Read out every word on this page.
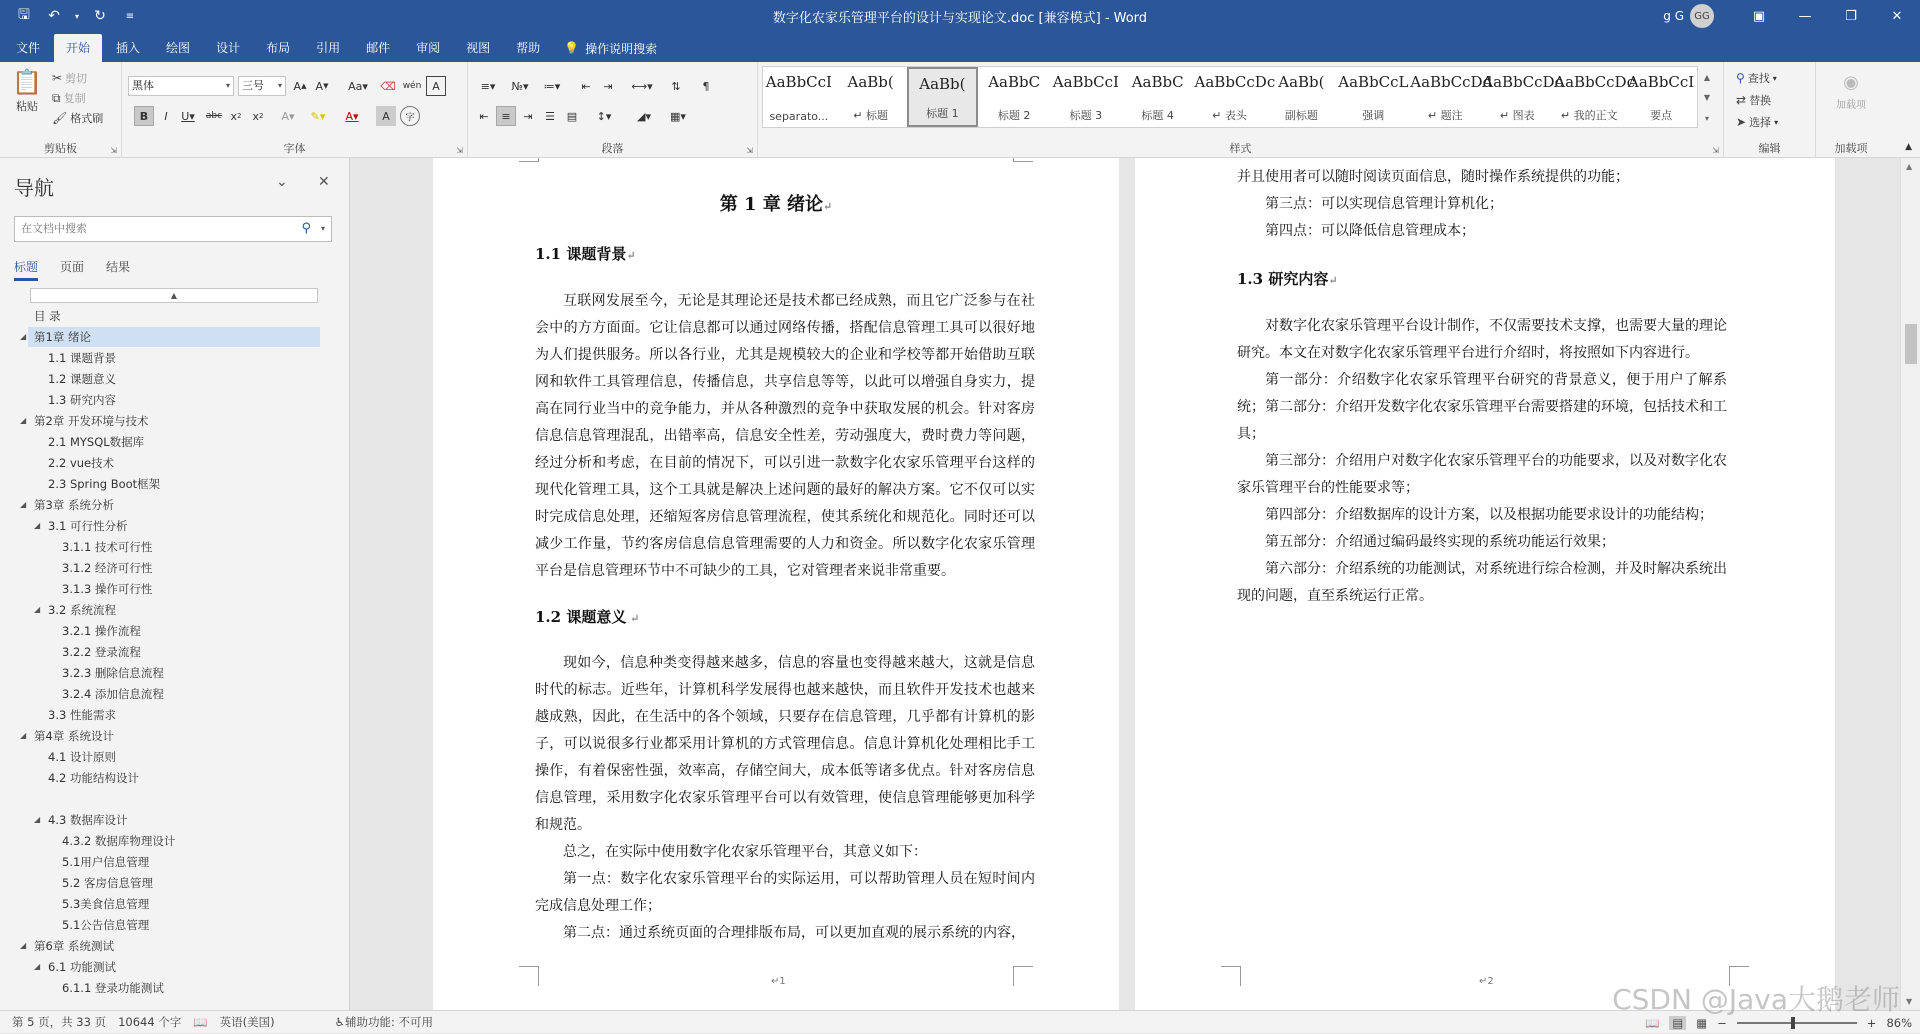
🖫	↶	▾	↻	≡	数字化农家乐管理平台的设计与实现论文.doc [兼容模式] - Word	g G	GG	▣	—	❐	✕
文件	开始	插入	绘图	设计	布局	引用	邮件	审阅	视图	帮助	💡 操作说明搜索
📋
粘贴
✂ 剪切
⧉ 复制
🖌 格式刷
剪贴板	⇲
黑体	▾	三号 ▾	A ▲ A ▼	Aa▾	⌫ wén A
B	I	U▾	abc x 2	x 2	A▾	✎▾	A▾	A	字
字体	⇲
≡▾	№▾	≔▾	⇤	⇥	⟷▾	⇅	¶
⇤	≡	⇥	☰	▤	↕▾	◢▾	▦▾
段落	⇲
AaBbCcI
separato...
AaBb(
↵ 标题
AaBb(
标题 1
AaBbC
标题 2
AaBbCcI
标题 3
AaBbC
标题 4
AaBbCcDc
↵ 表头
AaBb(
副标题
AaBbCcL
强调
AaBbCcDd
↵ 题注
AaBbCcDc
↵ 图表
AaBbCcDc
↵ 我的正文
AaBbCcI
要点
▲
▼
▾
样式	⇲
⚲ 查找 ▾
⇄ 替换
➤ 选择 ▾
编辑
◉
加载项
加载项	▲
导航	⌄ ✕
在文档中搜索	⚲ ▾
标题 页面 结果
▲
目 录
第1章 绪论
◢
1.1 课题背景
1.2 课题意义
1.3 研究内容
第2章 开发环境与技术
◢
2.1 MYSQL数据库
2.2 vue技术
2.3 Spring Boot框架
第3章 系统分析
◢
3.1 可行性分析
◢
3.1.1 技术可行性
3.1.2 经济可行性
3.1.3 操作可行性
3.2 系统流程
◢
3.2.1 操作流程
3.2.2 登录流程
3.2.3 删除信息流程
3.2.4 添加信息流程
3.3 性能需求
第4章 系统设计
◢
4.1 设计原则
4.2 功能结构设计
4.3 数据库设计
◢
4.3.2 数据库物理设计
5.1用户信息管理
5.2 客房信息管理
5.3美食信息管理
5.1公告信息管理
第6章 系统测试
◢
6.1 功能测试
◢
6.1.1 登录功能测试
第 1 章 绪论↵
1.1 课题背景↵
互联网发展至今，无论是其理论还是技术都已经成熟，而且它广泛参与在社会中的方方面面。它让信息都可以通过网络传播，搭配信息管理工具可以很好地为人们提供服务。所以各行业，尤其是规模较大的企业和学校等都开始借助互联网和软件工具管理信息，传播信息，共享信息等等，以此可以增强自身实力，提高在同行业当中的竞争能力，并从各种激烈的竞争中获取发展的机会。针对客房信息信息管理混乱，出错率高，信息安全性差，劳动强度大，费时费力等问题，经过分析和考虑，在目前的情况下，可以引进一款数字化农家乐管理平台这样的现代化管理工具，这个工具就是解决上述问题的最好的解决方案。它不仅可以实时完成信息处理，还缩短客房信息管理流程，使其系统化和规范化。同时还可以减少工作量，节约客房信息信息管理需要的人力和资金。所以数字化农家乐管理平台是信息管理环节中不可缺少的工具，它对管理者来说非常重要。
1.2 课题意义 ↵
现如今，信息种类变得越来越多，信息的容量也变得越来越大，这就是信息时代的标志。近些年，计算机科学发展得也越来越快，而且软件开发技术也越来越成熟，因此，在生活中的各个领域，只要存在信息管理，几乎都有计算机的影子，可以说很多行业都采用计算机的方式管理信息。信息计算机化处理相比手工操作，有着保密性强，效率高，存储空间大，成本低等诸多优点。针对客房信息信息管理，采用数字化农家乐管理平台可以有效管理，使信息管理能够更加科学和规范。
总之，在实际中使用数字化农家乐管理平台，其意义如下：
第一点：数字化农家乐管理平台的实际运用，可以帮助管理人员在短时间内完成信息处理工作；
第二点：通过系统页面的合理排版布局，可以更加直观的展示系统的内容，
↵1
并且使用者可以随时阅读页面信息，随时操作系统提供的功能；
第三点：可以实现信息管理计算机化；
第四点：可以降低信息管理成本；
1.3 研究内容↵
对数字化农家乐管理平台设计制作，不仅需要技术支撑，也需要大量的理论研究。本文在对数字化农家乐管理平台进行介绍时，将按照如下内容进行。
第一部分：介绍数字化农家乐管理平台研究的背景意义，便于用户了解系统； 第二部分：介绍开发数字化农家乐管理平台需要搭建的环境，包括技术和工具；
第三部分：介绍用户对数字化农家乐管理平台的功能要求，以及对数字化农家乐管理平台的性能要求等；
第四部分：介绍数据库的设计方案，以及根据功能要求设计的功能结构；
第五部分：介绍通过编码最终实现的系统功能运行效果；
第六部分：介绍系统的功能测试，对系统进行综合检测，并及时解决系统出现的问题，直至系统运行正常。
↵2
▲
▼
第 5 页，共 33 页 10644 个字 📖 英语(美国)	♿辅助功能: 不可用	📖 ▤ ▦ −	+ 86%
CSDN @Java大鹅老师
